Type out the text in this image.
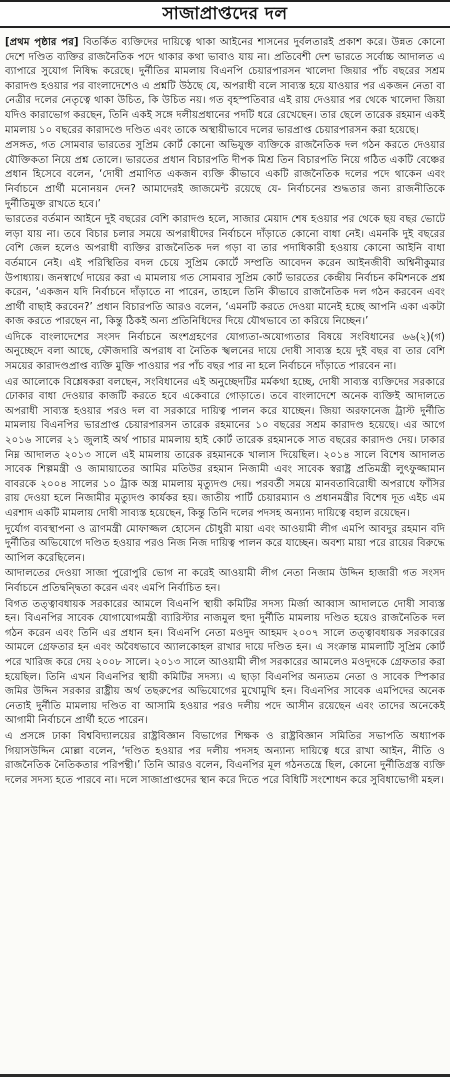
সাজাপ্রাপ্তদের দল

[প্রথম পৃষ্ঠার পর] বিতর্কিত ব্যক্তিদের দায়িত্বে থাকা আইনের শাসনের দুর্বলতারই প্রকাশ করে। উন্নত কোনো দেশে দণ্ডিত ব্যক্তির রাজনৈতিক পদে থাকার কথা ভাবাও যায় না। প্রতিবেশী দেশ ভারতে সর্বোচ্চ আদালত এ ব্যাপারে সুযোগ নিষিদ্ধ করেছে। দুর্নীতির মামলায় বিএনপি চেয়ারপারসন খালেদা জিয়ার পাঁচ বছরের সশ্রম কারাদণ্ড হওয়ার পর বাংলাদেশেও এ প্রশ্নটি উঠছে যে, অপরাধী বলে সাব্যস্ত হয়ে যাওয়ার পর একজন নেতা বা নেত্রীর দলের নেতৃত্বে থাকা উচিত, কি উচিত নয়। গত বৃহস্পতিবার এই রায় দেওয়ার পর থেকে খালেদা জিয়া যদিও কারাভোগ করছেন, তিনি একই সঙ্গে দলীয়প্রধানের পদটি ধরে রেখেছেন। তার ছেলে তারেক রহমান একই মামলায় ১০ বছরের কারাদণ্ডে দণ্ডিত এবং তাকে অস্থায়ীভাবে দলের ভারপ্রাপ্ত চেয়ারপারসন করা হয়েছে।

প্রসঙ্গত, গত সোমবার ভারতের সুপ্রিম কোর্ট কোনো অভিযুক্ত ব্যক্তিকে রাজনৈতিক দল গঠন করতে দেওয়ার যৌক্তিকতা নিয়ে প্রশ্ন তোলে। ভারতের প্রধান বিচারপতি দীপক মিশ্র তিন বিচারপতি নিয়ে গঠিত একটি বেঞ্চের প্রধান হিসেবে বলেন, ‘দোষী প্রমাণিত একজন ব্যক্তি কীভাবে একটি রাজনৈতিক দলের পদে থাকেন এবং নির্বাচনে প্রার্থী মনোনয়ন দেন? আমাদেরই জাজমেন্ট রয়েছে যে- নির্বাচনের শুদ্ধতার জন্য রাজনীতিকে দুর্নীতিমুক্ত রাখতে হবে।’

ভারতের বর্তমান আইনে দুই বছরের বেশি কারাদণ্ড হলে, সাজার মেয়াদ শেষ হওয়ার পর থেকে ছয় বছর ভোটে লড়া যায় না। তবে বিচার চলার সময়ে অপরাধীদের নির্বাচনে দাঁড়াতে কোনো বাধা নেই। এমনকি দুই বছরের বেশি জেল হলেও অপরাধী ব্যক্তির রাজনৈতিক দল গড়া বা তার পদাধিকারী হওয়ায় কোনো আইনি বাধা বর্তমানে নেই। এই পরিস্থিতির বদল চেয়ে সুপ্রিম কোর্টে সম্প্রতি আবেদন করেন আইনজীবী অশ্বিনীকুমার উপাধ্যায়। জনস্বার্থে দায়ের করা এ মামলায় গত সোমবার সুপ্রিম কোর্ট ভারতের কেন্দ্রীয় নির্বাচন কমিশনকে প্রশ্ন করেন, ‘একজন যদি নির্বাচনে দাঁড়াতে না পারেন, তাহলে তিনি কীভাবে রাজনৈতিক দল গঠন করবেন এবং প্রার্থী বাছাই করবেন?’ প্রধান বিচারপতি আরও বলেন, ‘এমনটি করতে দেওয়া মানেই হচ্ছে আপনি একা একটা কাজ করতে পারছেন না, কিন্তু ঠিকই অন্য প্রতিনিধিদের দিয়ে যৌথভাবে তা করিয়ে নিচ্ছেন।’

এদিকে বাংলাদেশের সংসদ নির্বাচনে অংশগ্রহণের যোগ্যতা-অযোগ্যতার বিষয়ে সংবিধানের ৬৬(২)(গ) অনুচ্ছেদে বলা আছে, ফৌজদারি অপরাধ বা নৈতিক স্খলনের দায়ে দোষী সাব্যস্ত হয়ে দুই বছর বা তার বেশি সময়ের কারাদণ্ডপ্রাপ্ত ব্যক্তি মুক্তি পাওয়ার পর পাঁচ বছর পার না হলে নির্বাচনে দাঁড়াতে পারবেন না।

এর আলোকে বিশ্লেষকরা বলছেন, সংবিধানের এই অনুচ্ছেদটির মর্মকথা হচ্ছে, দোষী সাব্যস্ত ব্যক্তিদের সরকারে ঢোকার বাধা দেওয়ার কাজটি করতে হবে একেবারে গোড়াতে। তবে বাংলাদেশে অনেক ব্যক্তিই আদালতে অপরাধী সাব্যস্ত হওয়ার পরও দল বা সরকারে দায়িত্ব পালন করে যাচ্ছেন। জিয়া অরফানেজ ট্রাস্ট দুর্নীতি মামলায় বিএনপির ভারপ্রাপ্ত চেয়ারপারসন তারেক রহমানের ১০ বছরের সশ্রম কারাদণ্ড হয়েছে। এর আগে ২০১৬ সালের ২১ জুলাই অর্থ পাচার মামলায় হাই কোর্ট তারেক রহমানকে সাত বছরের কারাদণ্ড দেয়। ঢাকার নিম্ন আদালত ২০১৩ সালে এই মামলায় তারেক রহমানকে খালাস দিয়েছিল। ২০১৪ সালে বিশেষ আদালত সাবেক শিল্পমন্ত্রী ও জামায়াতের আমির মতিউর রহমান নিজামী এবং সাবেক স্বরাষ্ট্র প্রতিমন্ত্রী লুৎফুজ্জামান বাবরকে ২০০৪ সালের ১০ ট্রাক অস্ত্র মামলায় মৃত্যুদণ্ড দেয়। পরবর্তী সময়ে মানবতাবিরোধী অপরাধে ফাঁসির রায় দেওয়া হলে নিজামীর মৃত্যুদণ্ড কার্যকর হয়। জাতীয় পার্টি চেয়ারম্যান ও প্রধানমন্ত্রীর বিশেষ দূত এইচ এম এরশাদ একটি মামলায় দোষী সাব্যস্ত হয়েছেন, কিন্তু তিনি দলের পদসহ অন্যান্য দায়িত্বে বহাল রয়েছেন।

দুর্যোগ ব্যবস্থাপনা ও ত্রাণমন্ত্রী মোফাজ্জল হোসেন চৌধুরী মায়া এবং আওয়ামী লীগ এমপি আবদুর রহমান বদি দুর্নীতির অভিযোগে দণ্ডিত হওয়ার পরও নিজ নিজ দায়িত্ব পালন করে যাচ্ছেন। অবশ্য মায়া পরে রায়ের বিরুদ্ধে আপিল করেছিলেন।

আদালতের দেওয়া সাজা পুরোপুরি ভোগ না করেই আওয়ামী লীগ নেতা নিজাম উদ্দিন হাজারী গত সংসদ নির্বাচনে প্রতিদ্বন্দ্বিতা করেন এবং এমপি নির্বাচিত হন।

বিগত তত্ত্বাবধায়ক সরকারের আমলে বিএনপি স্থায়ী কমিটির সদস্য মির্জা আব্বাস আদালতে দোষী সাব্যস্ত হন। বিএনপির সাবেক যোগাযোগমন্ত্রী ব্যারিস্টার নাজমুল হুদা দুর্নীতি মামলায় দণ্ডিত হয়েও রাজনৈতিক দল গঠন করেন এবং তিনি এর প্রধান হন। বিএনপি নেতা মওদুদ আহমদ ২০০৭ সালে তত্ত্বাবধায়ক সরকারের আমলে গ্রেফতার হন এবং অবৈধভাবে অ্যালকোহল রাখার দায়ে দণ্ডিত হন। এ সংক্রান্ত মামলাটি সুপ্রিম কোর্ট পরে খারিজ করে দেয় ২০০৮ সালে। ২০১৩ সালে আওয়ামী লীগ সরকারের আমলেও মওদুদকে গ্রেফতার করা হয়েছিল। তিনি এখন বিএনপির স্থায়ী কমিটির সদস্য। এ ছাড়া বিএনপির অন্যতম নেতা ও সাবেক স্পিকার জমির উদ্দিন সরকার রাষ্ট্রীয় অর্থ তছরুপের অভিযোগের মুখোমুখি হন। বিএনপির সাবেক এমপিদের অনেক নেতাই দুর্নীতি মামলায় দণ্ডিত বা আসামি হওয়ার পরও দলীয় পদে আসীন রয়েছেন এবং তাদের অনেকেই আগামী নির্বাচনে প্রার্থী হতে পারেন।

এ প্রসঙ্গে ঢাকা বিশ্ববিদ্যালয়ের রাষ্ট্রবিজ্ঞান বিভাগের শিক্ষক ও রাষ্ট্রবিজ্ঞান সমিতির সভাপতি অধ্যাপক গিয়াসউদ্দিন মোল্লা বলেন, ‘দণ্ডিত হওয়ার পর দলীয় পদসহ অন্যান্য দায়িত্বে ধরে রাখা আইন, নীতি ও রাজনৈতিক নৈতিকতার পরিপন্থী।’ তিনি আরও বলেন, বিএনপির মূল গঠনতন্ত্রে ছিল, কোনো দুর্নীতিগ্রস্ত ব্যক্তি দলের সদস্য হতে পারবে না। দলে সাজাপ্রাপ্তদের স্থান করে দিতে পরে বিধিটি সংশোধন করে সুবিধাভোগী মহল।
